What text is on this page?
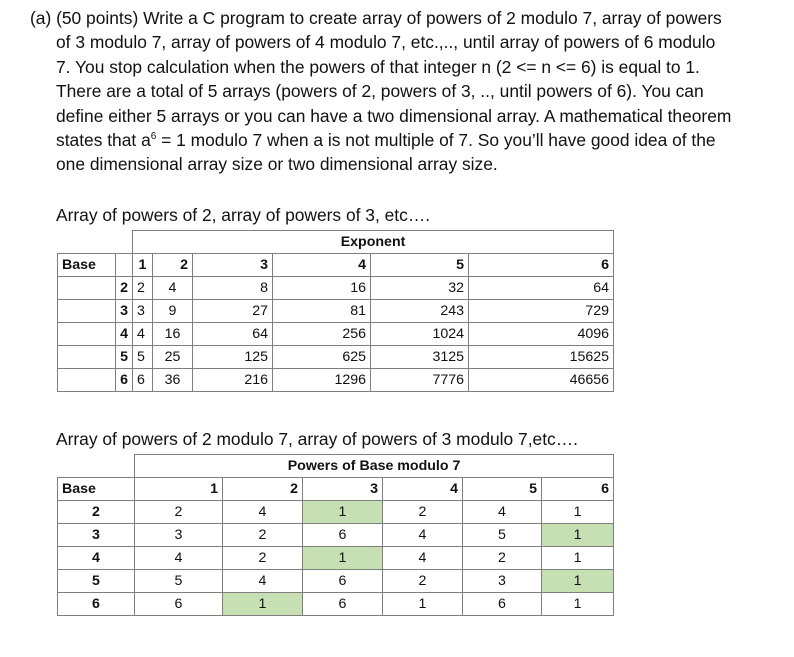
(a) (50 points) Write a C program to create array of powers of 2 modulo 7, array of powers
of 3 modulo 7, array of powers of 4 modulo 7, etc.,.., until array of powers of 6 modulo
7. You stop calculation when the powers of that integer n (2 <= n <= 6) is equal to 1.
There are a total of 5 arrays (powers of 2, powers of 3, .., until powers of 6). You can
define either 5 arrays or you can have a two dimensional array. A mathematical theorem
states that $a^6 = 1$ modulo 7 when a is not multiple of 7. So you’ll have good idea of the
one dimensional array size or two dimensional array size.
Array of powers of 2, array of powers of 3, etc….
		Exponent					
Base		1	2	3	4	5	6
	2	2	4	8	16	32	64
	3	3	9	27	81	243	729
	4	4	16	64	256	1024	4096
	5	5	25	125	625	3125	15625
	6	6	36	216	1296	7776	46656
Array of powers of 2 modulo 7, array of powers of 3 modulo 7,etc….
	Powers of Base modulo 7					
Base	1	2	3	4	5	6
2	2	4	1	2	4	1
3	3	2	6	4	5	1
4	4	2	1	4	2	1
5	5	4	6	2	3	1
6	6	1	6	1	6	1
